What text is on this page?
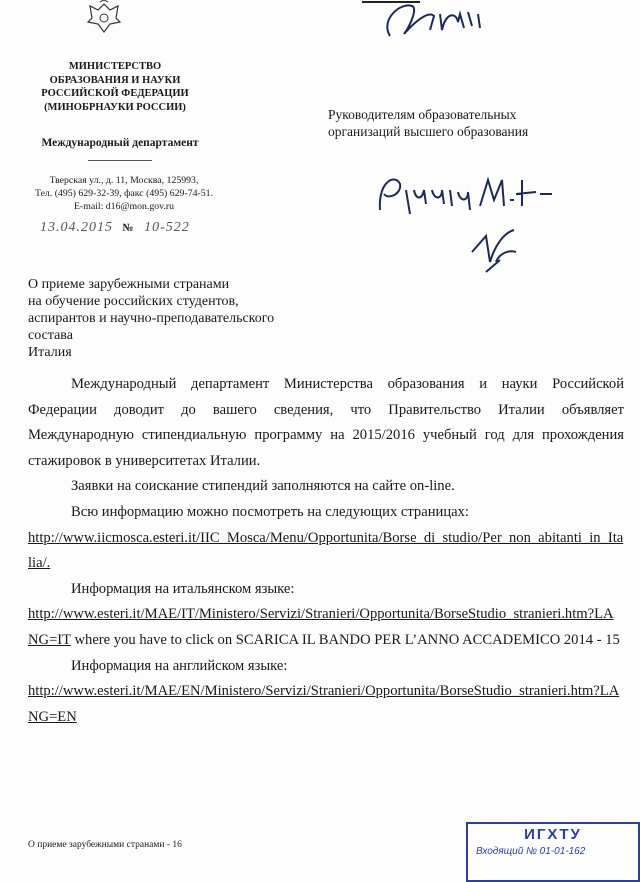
МИНИСТЕРСТВО
ОБРАЗОВАНИЯ И НАУКИ
РОССИЙСКОЙ ФЕДЕРАЦИИ
(МИНОБРНАУКИ РОССИИ)
Международный департамент
Тверская ул., д. 11, Москва, 125993,
Тел. (495) 629-32-39, факс (495) 629-74-51.
E-mail: d16@mon.gov.ru
13.04.2015 № 10-522
Руководителям образовательных
организаций высшего образования
О приеме зарубежными странами
на обучение российских студентов,
аспирантов и научно-преподавательского
состава
Италия

Международный департамент Министерства образования и науки Российской Федерации доводит до вашего сведения, что Правительство Италии объявляет Международную стипендиальную программу на 2015/2016 учебный год для прохождения стажировок в университетах Италии.

Заявки на соискание стипендий заполняются на сайте on-line.

Всю информацию можно посмотреть на следующих страницах:

http://www.iicmosca.esteri.it/IIC_Mosca/Menu/Opportunita/Borse_di_studio/Per_non_abitanti_in_Italia/.

Информация на итальянском языке:

http://www.esteri.it/MAE/IT/Ministero/Servizi/Stranieri/Opportunita/BorseStudio_stranieri.htm?LANG=IT where you have to click on SCARICA IL BANDO PER L’ANNO ACCADEMICO 2014 - 15

Информация на английском языке:

http://www.esteri.it/MAE/EN/Ministero/Servizi/Stranieri/Opportunita/BorseStudio_stranieri.htm?LANG=EN

О приеме зарубежными странами - 16
ИГХТУ
Входящий № 01-01-162
